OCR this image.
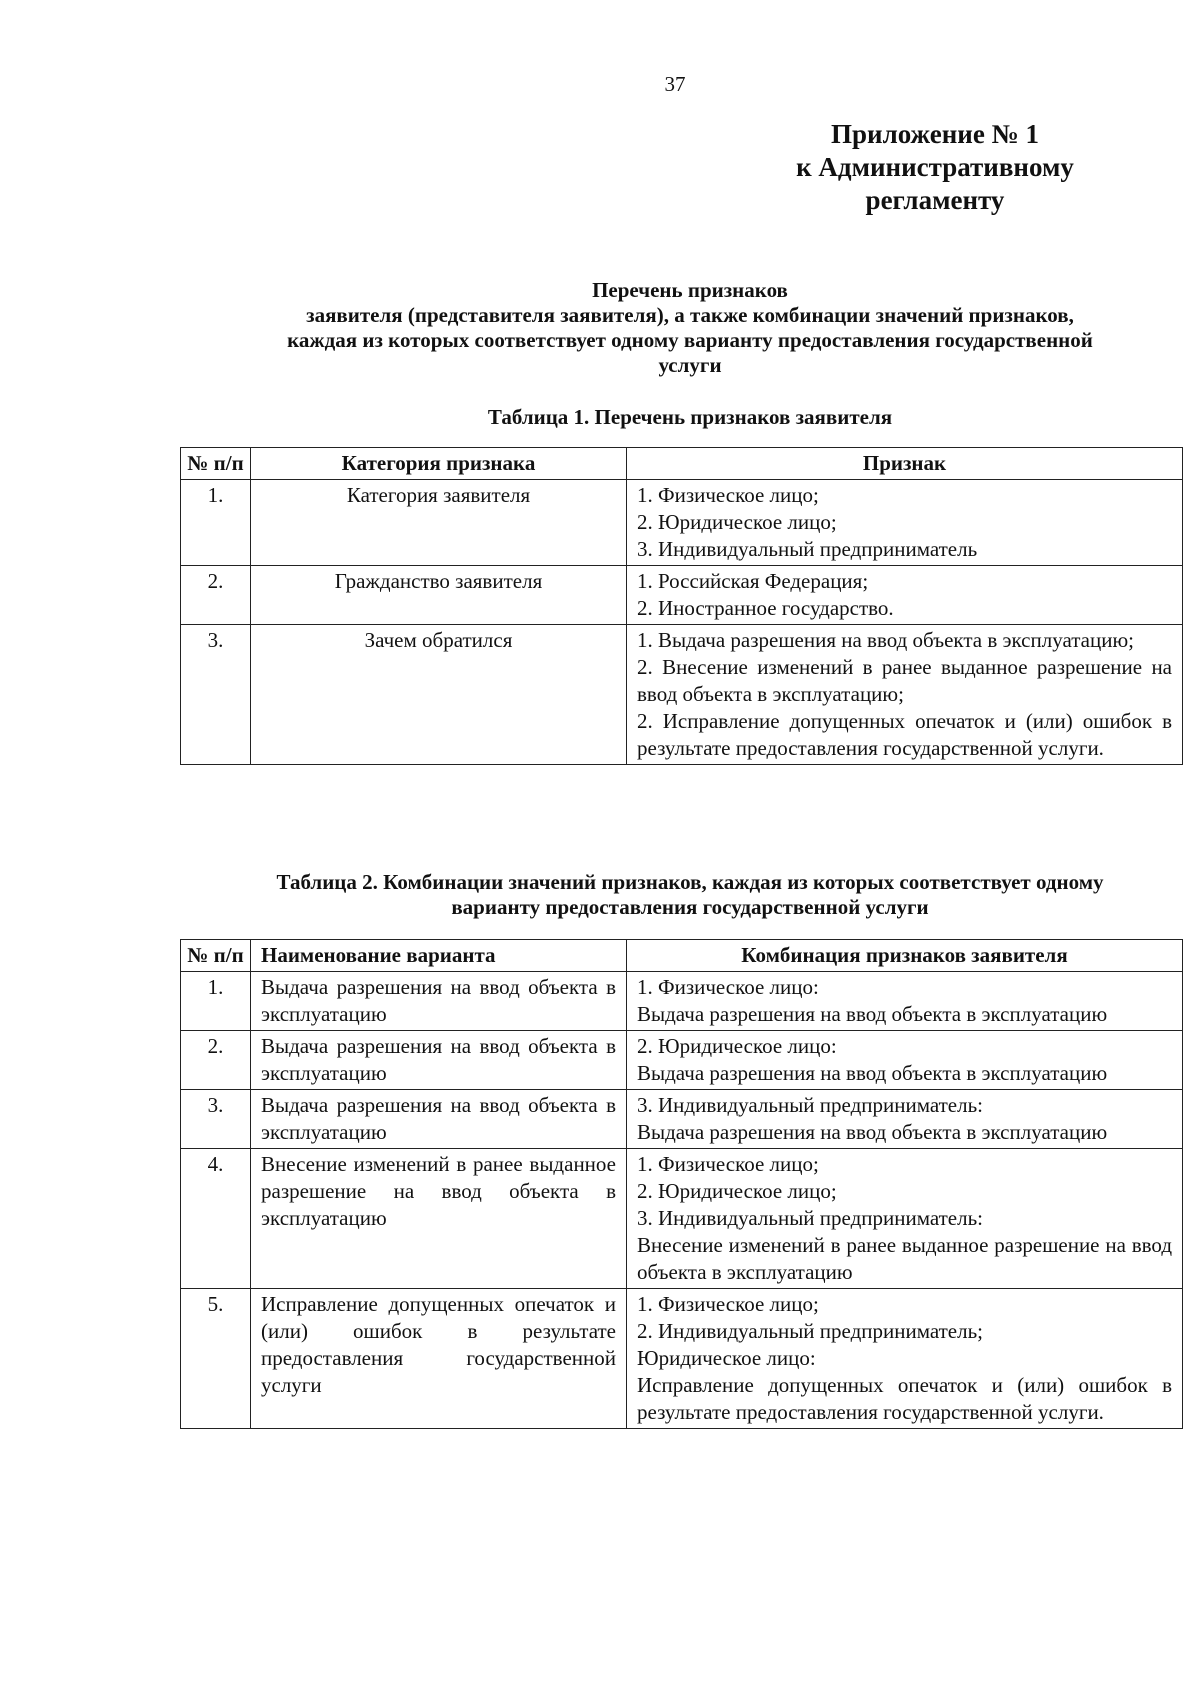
37
Приложение № 1
к Административному
регламенту
Перечень признаков
заявителя (представителя заявителя), а также комбинации значений признаков,
каждая из которых соответствует одному варианту предоставления государственной
услуги
Таблица 1. Перечень признаков заявителя
№ п/п	Категория признака	Признак
1.	Категория заявителя	1. Физическое лицо;
2. Юридическое лицо;
3. Индивидуальный предприниматель

2.	Гражданство заявителя	1. Российская Федерация;
2. Иностранное государство.

3.	Зачем обратился	1. Выдача разрешения на ввод объекта в эксплуатацию;
2. Внесение изменений в ранее выданное разрешение на ввод объекта в эксплуатацию;
2. Исправление допущенных опечаток и (или) ошибок в результате предоставления государственной услуги.
Таблица 2. Комбинации значений признаков, каждая из которых соответствует одному
варианту предоставления государственной услуги
№ п/п	Наименование варианта	Комбинация признаков заявителя
1.	Выдача разрешения на ввод объекта в эксплуатацию	1. Физическое лицо:
Выдача разрешения на ввод объекта в эксплуатацию

2.	Выдача разрешения на ввод объекта в эксплуатацию	2. Юридическое лицо:
Выдача разрешения на ввод объекта в эксплуатацию

3.	Выдача разрешения на ввод объекта в эксплуатацию	3. Индивидуальный предприниматель:
Выдача разрешения на ввод объекта в эксплуатацию

4.	Внесение изменений в ранее выданное разрешение на ввод объекта в эксплуатацию	1. Физическое лицо;
2. Юридическое лицо;
3. Индивидуальный предприниматель:
Внесение изменений в ранее выданное разрешение на ввод объекта в эксплуатацию

5.	Исправление допущенных опечаток и (или) ошибок в результате предоставления государственной услуги	1. Физическое лицо;
2. Индивидуальный предприниматель;
Юридическое лицо:
Исправление допущенных опечаток и (или) ошибок в результате предоставления государственной услуги.
